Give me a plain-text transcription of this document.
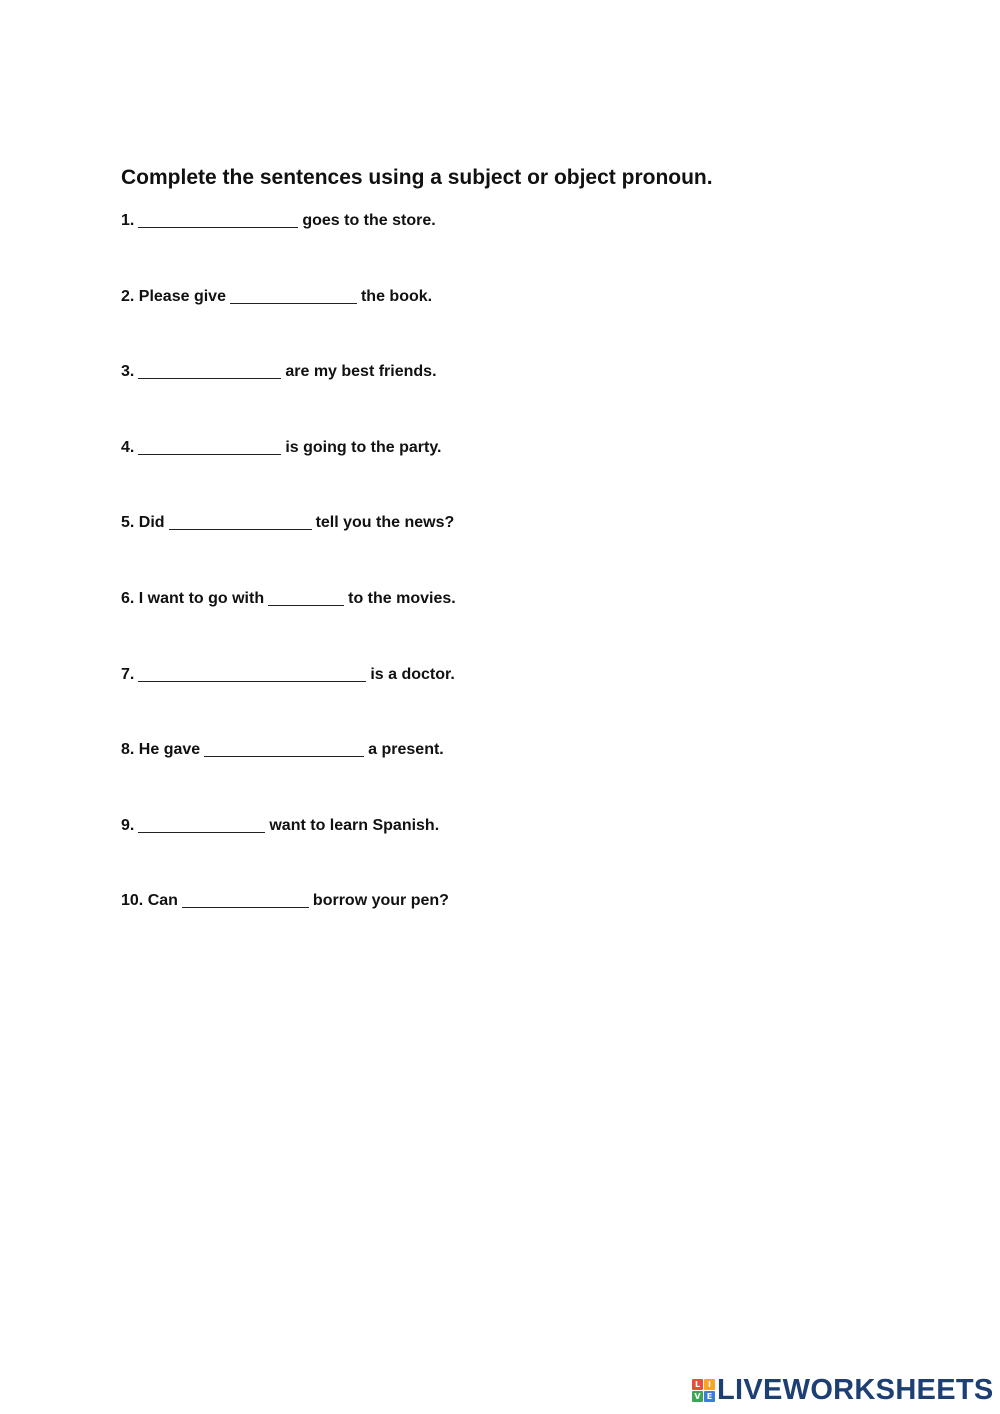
Complete the sentences using a subject or object pronoun.
1.	goes to the store.
2. Please give	the book.
3.	are my best friends.
4.	is going to the party.
5. Did	tell you the news?
6. I want to go with	to the movies.
7.	is a doctor.
8. He gave	a present.
9.	want to learn Spanish.
10. Can	borrow your pen?
L I
V E LIVEWORKSHEETS
